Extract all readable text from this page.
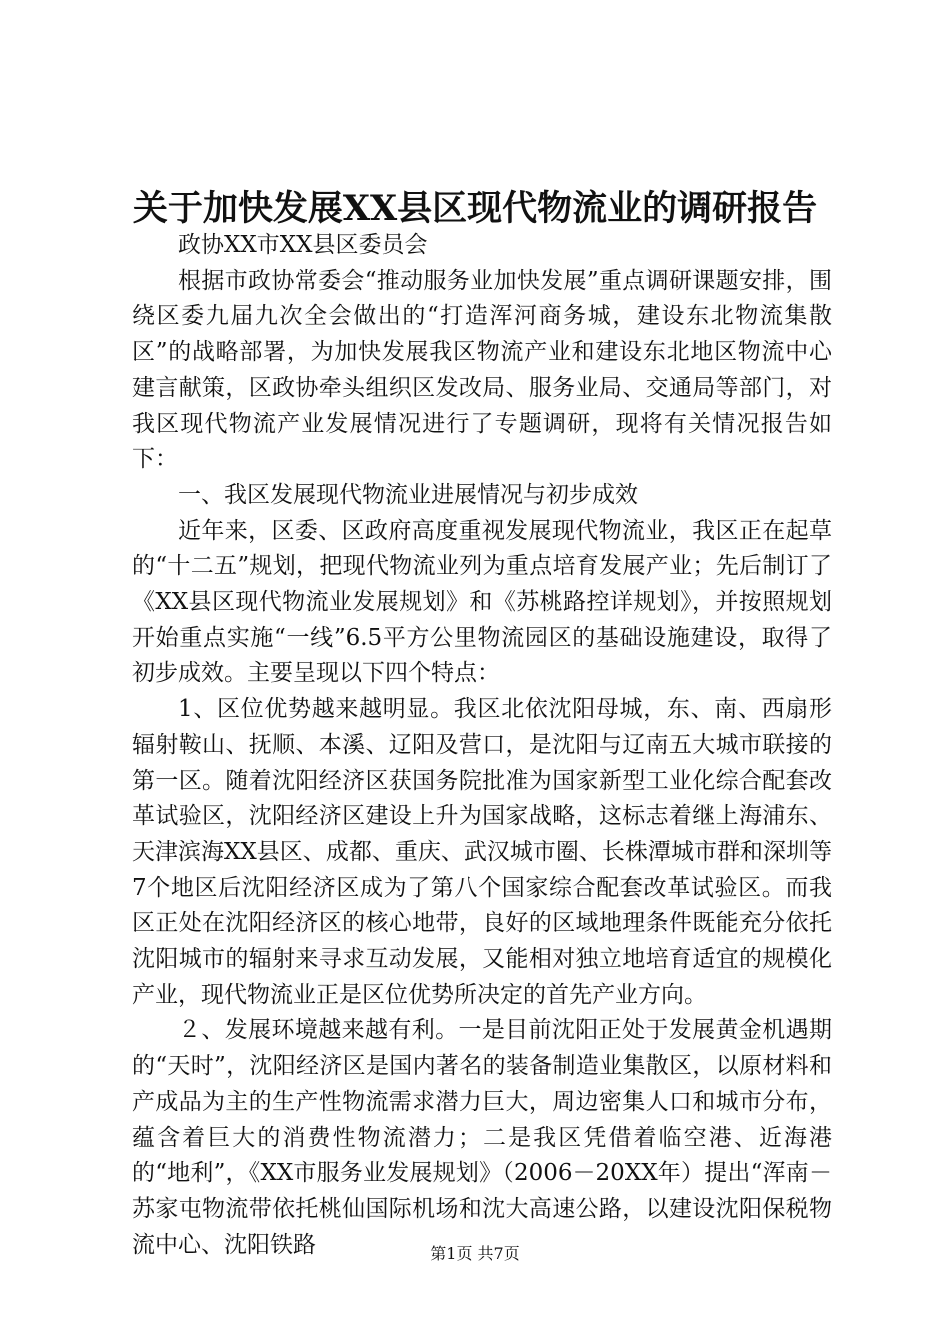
关于加快发展XX县区现代物流业的调研报告

政协XX市XX县区委员会

根据市政协常委会“推动服务业加快发展”重点调研课题安排，围绕区委九届九次全会做出的“打造浑河商务城，建设东北物流集散区”的战略部署，为加快发展我区物流产业和建设东北地区物流中心建言献策，区政协牵头组织区发改局、服务业局、交通局等部门，对我区现代物流产业发展情况进行了专题调研，现将有关情况报告如下：

一、我区发展现代物流业进展情况与初步成效

近年来，区委、区政府高度重视发展现代物流业，我区正在起草的“十二五”规划，把现代物流业列为重点培育发展产业；先后制订了《XX县区现代物流业发展规划》和《苏桃路控详规划》，并按照规划开始重点实施“一线”6.5平方公里物流园区的基础设施建设，取得了初步成效。主要呈现以下四个特点：

1、区位优势越来越明显。我区北依沈阳母城，东、南、西扇形辐射鞍山、抚顺、本溪、辽阳及营口，是沈阳与辽南五大城市联接的第一区。随着沈阳经济区获国务院批准为国家新型工业化综合配套改革试验区，沈阳经济区建设上升为国家战略，这标志着继上海浦东、天津滨海XX县区、成都、重庆、武汉城市圈、长株潭城市群和深圳等7个地区后沈阳经济区成为了第八个国家综合配套改革试验区。而我区正处在沈阳经济区的核心地带，良好的区域地理条件既能充分依托沈阳城市的辐射来寻求互动发展，又能相对独立地培育适宜的规模化产业，现代物流业正是区位优势所决定的首先产业方向。

２、发展环境越来越有利。一是目前沈阳正处于发展黄金机遇期的“天时”，沈阳经济区是国内著名的装备制造业集散区，以原材料和产成品为主的生产性物流需求潜力巨大，周边密集人口和城市分布，蕴含着巨大的消费性物流潜力；二是我区凭借着临空港、近海港的“地利”，《XX市服务业发展规划》（2006－20XX年）提出“浑南－苏家屯物流带依托桃仙国际机场和沈大高速公路，以建设沈阳保税物流中心、沈阳铁路	第1页 共7页
